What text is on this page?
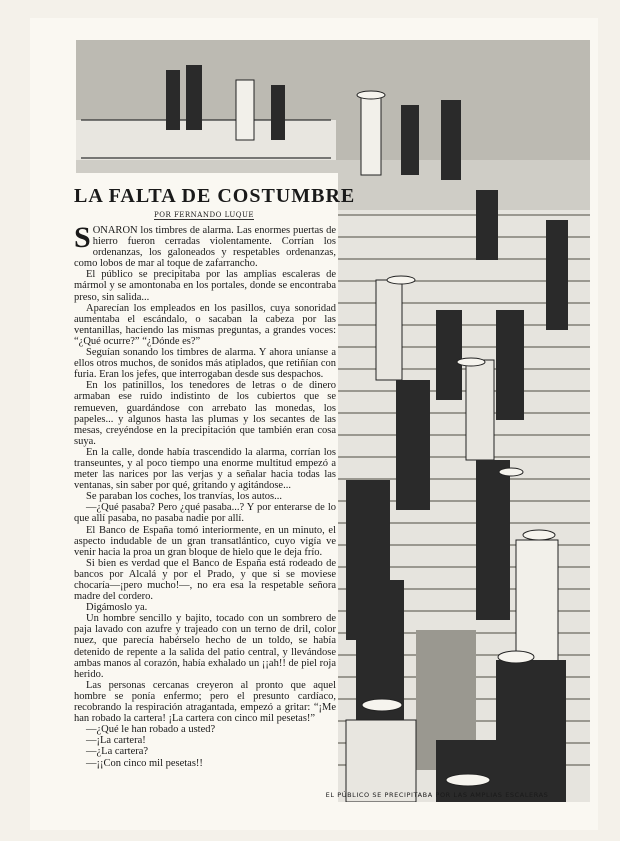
LA FALTA DE COSTUMBRE
POR FERNANDO LUQUE

SONARON los timbres de alarma. Las enormes puertas de hierro fueron cerradas violentamente. Corrían los ordenanzas, los galoneados y respetables ordenanzas, como lobos de mar al toque de zafarrancho.

El público se precipitaba por las amplias escaleras de mármol y se amontonaba en los portales, donde se encontraba preso, sin salida...

Aparecían los empleados en los pasillos, cuya sonoridad aumentaba el escándalo, o sacaban la cabeza por las ventanillas, haciendo las mismas preguntas, a grandes voces: “¿Qué ocurre?” “¿Dónde es?”

Seguían sonando los timbres de alarma. Y ahora uníanse a ellos otros muchos, de sonidos más atiplados, que retiñían con furia. Eran los jefes, que interrogaban desde sus despachos.

En los patinillos, los tenedores de letras o de dinero armaban ese ruido indistinto de los cubiertos que se remueven, guardándose con arrebato las monedas, los papeles... y algunos hasta las plumas y los secantes de las mesas, creyéndose en la precipitación que también eran cosa suya.

En la calle, donde había trascendido la alarma, corrían los transeuntes, y al poco tiempo una enorme multitud empezó a meter las narices por las verjas y a señalar hacia todas las ventanas, sin saber por qué, gritando y agitándose...

Se paraban los coches, los tranvías, los autos...

—¿Qué pasaba? Pero ¿qué pasaba...? Y por enterarse de lo que allí pasaba, no pasaba nadie por allí.

El Banco de España tomó interiormente, en un minuto, el aspecto indudable de un gran transatlántico, cuyo vigía ve venir hacia la proa un gran bloque de hielo que le deja frío.

Si bien es verdad que el Banco de España está rodeado de bancos por Alcalá y por el Prado, y que si se moviese chocaría—¡pero mucho!—, no era esa la respetable señora madre del cordero.

Digámoslo ya.

Un hombre sencillo y bajito, tocado con un sombrero de paja lavado con azufre y trajeado con un terno de dril, color nuez, que parecía habérselo hecho de un toldo, se había detenido de repente a la salida del patio central, y llevándose ambas manos al corazón, había exhalado un ¡¡ah!! de piel roja herido.

Las personas cercanas creyeron al pronto que aquel hombre se ponía enfermo; pero el presunto cardíaco, recobrando la respiración atragantada, empezó a gritar: “¡Me han robado la cartera! ¡La cartera con cinco mil pesetas!”

—¿Qué le han robado a usted?

—¡La cartera!

—¿La cartera?

—¡¡Con cinco mil pesetas!!

EL PÚBLICO SE PRECIPITABA POR LAS AMPLIAS ESCALERAS
